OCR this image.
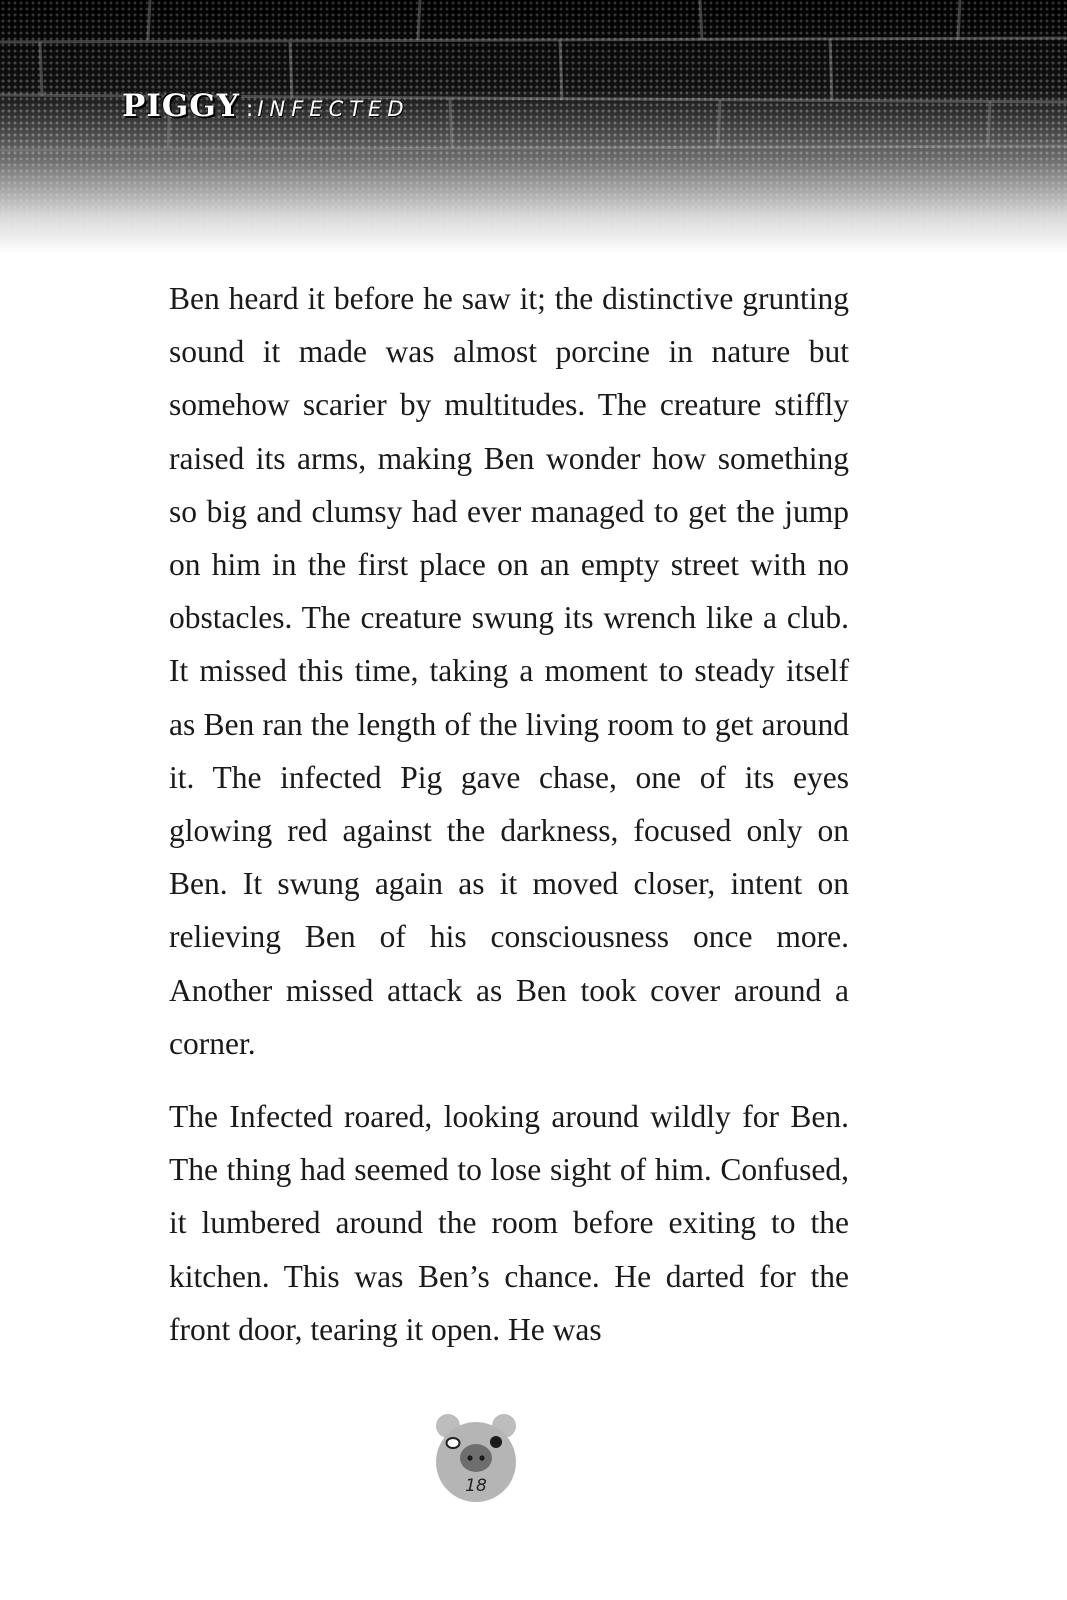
PIGGY : INFECTED

Ben heard it before he saw it; the distinctive grunting sound it made was almost porcine in nature but somehow scarier by multitudes. The creature stiffly raised its arms, making Ben wonder how something so big and clumsy had ever managed to get the jump on him in the first place on an empty street with no obstacles. The creature swung its wrench like a club. It missed this time, taking a moment to steady itself as Ben ran the length of the living room to get around it. The infected Pig gave chase, one of its eyes glowing red against the darkness, focused only on Ben. It swung again as it moved closer, intent on relieving Ben of his consciousness once more. Another missed attack as Ben took cover around a corner.

The Infected roared, looking around wildly for Ben. The thing had seemed to lose sight of him. Confused, it lumbered around the room before exiting to the kitchen. This was Ben’s chance. He darted for the front door, tearing it open. He was

18
